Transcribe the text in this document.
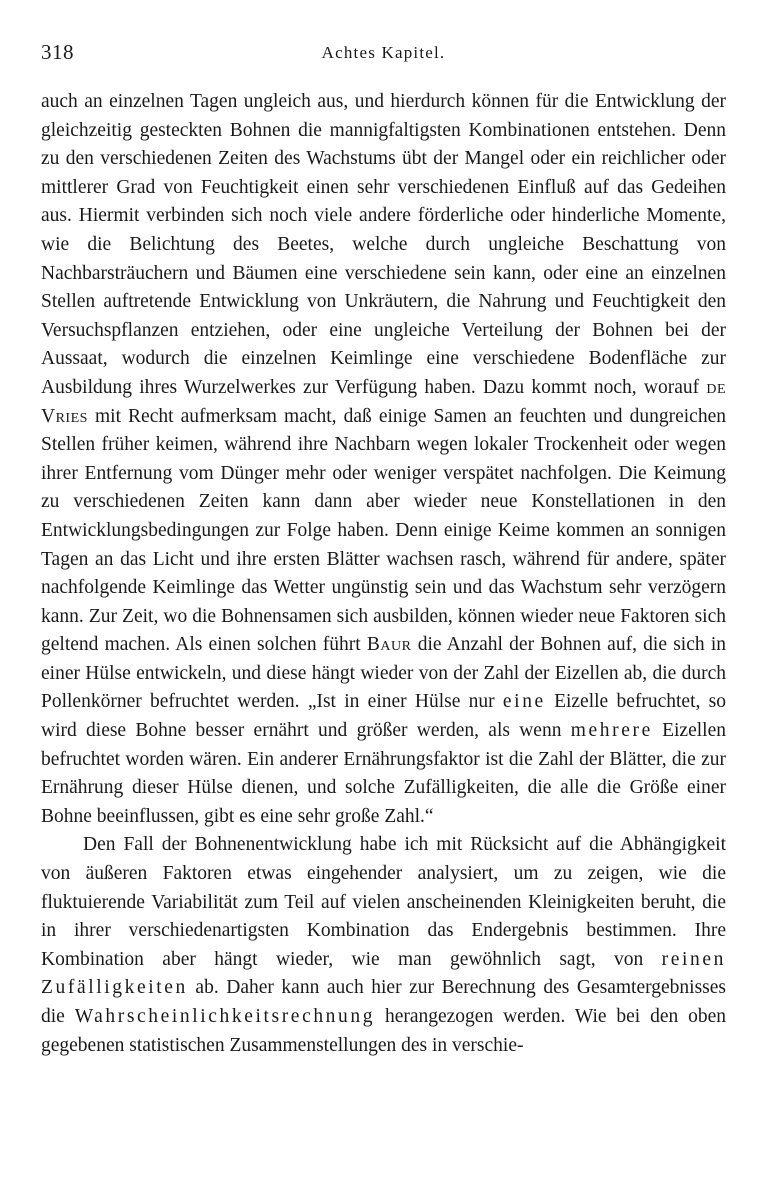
318	Achtes Kapitel.

auch an einzelnen Tagen ungleich aus, und hierdurch können für die Entwicklung der gleichzeitig gesteckten Bohnen die mannigfaltigsten Kombinationen entstehen. Denn zu den verschiedenen Zeiten des Wachstums übt der Mangel oder ein reichlicher oder mittlerer Grad von Feuchtigkeit einen sehr verschiedenen Einfluß auf das Gedeihen aus. Hiermit verbinden sich noch viele andere förderliche oder hinderliche Momente, wie die Belichtung des Beetes, welche durch ungleiche Beschattung von Nachbarsträuchern und Bäumen eine verschiedene sein kann, oder eine an einzelnen Stellen auftretende Entwicklung von Unkräutern, die Nahrung und Feuchtigkeit den Versuchspflanzen entziehen, oder eine ungleiche Verteilung der Bohnen bei der Aussaat, wodurch die einzelnen Keimlinge eine verschiedene Bodenfläche zur Ausbildung ihres Wurzelwerkes zur Verfügung haben. Dazu kommt noch, worauf de Vries mit Recht aufmerksam macht, daß einige Samen an feuchten und dungreichen Stellen früher keimen, während ihre Nachbarn wegen lokaler Trockenheit oder wegen ihrer Entfernung vom Dünger mehr oder weniger verspätet nachfolgen. Die Keimung zu verschiedenen Zeiten kann dann aber wieder neue Konstellationen in den Entwicklungsbedingungen zur Folge haben. Denn einige Keime kommen an sonnigen Tagen an das Licht und ihre ersten Blätter wachsen rasch, während für andere, später nachfolgende Keimlinge das Wetter ungünstig sein und das Wachstum sehr verzögern kann. Zur Zeit, wo die Bohnensamen sich ausbilden, können wieder neue Faktoren sich geltend machen. Als einen solchen führt Baur die Anzahl der Bohnen auf, die sich in einer Hülse entwickeln, und diese hängt wieder von der Zahl der Eizellen ab, die durch Pollenkörner befruchtet werden. „Ist in einer Hülse nur eine Eizelle befruchtet, so wird diese Bohne besser ernährt und größer werden, als wenn mehrere Eizellen befruchtet worden wären. Ein anderer Ernährungsfaktor ist die Zahl der Blätter, die zur Ernährung dieser Hülse dienen, und solche Zufälligkeiten, die alle die Größe einer Bohne beeinflussen, gibt es eine sehr große Zahl.“

Den Fall der Bohnenentwicklung habe ich mit Rücksicht auf die Abhängigkeit von äußeren Faktoren etwas eingehender analysiert, um zu zeigen, wie die fluktuierende Variabilität zum Teil auf vielen anscheinenden Kleinigkeiten beruht, die in ihrer verschiedenartigsten Kombination das Endergebnis bestimmen. Ihre Kombination aber hängt wieder, wie man gewöhnlich sagt, von reinen Zufälligkeiten ab. Daher kann auch hier zur Berechnung des Gesamtergebnisses die Wahrscheinlichkeitsrechnung herangezogen werden. Wie bei den oben gegebenen statistischen Zusammenstellungen des in verschie-
